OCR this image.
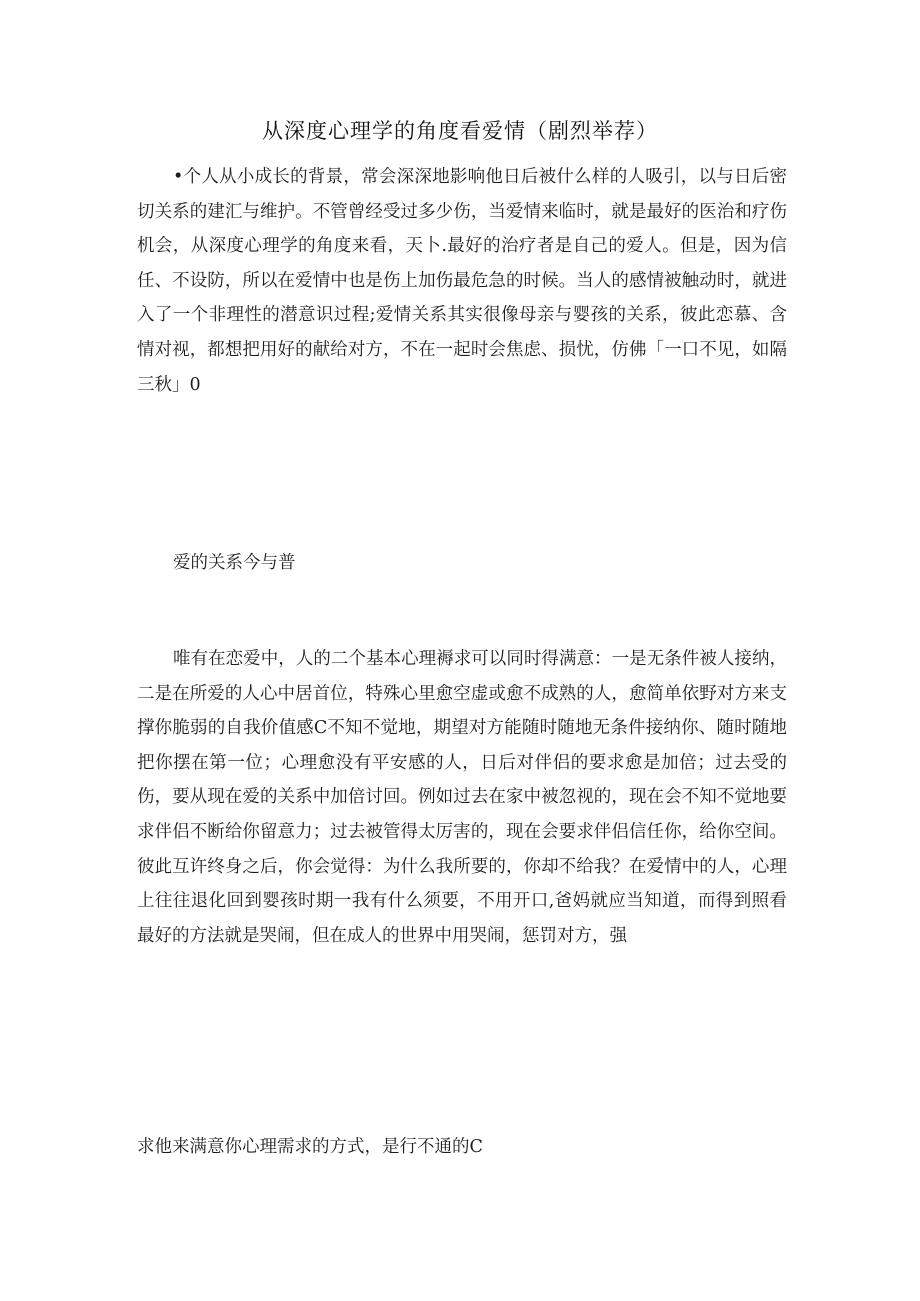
从深度心理学的角度看爱情（剧烈举荐）

•个人从小成长的背景，常会深深地影响他日后被什么样的人吸引，以与日后密切关系的建汇与维护。不管曾经受过多少伤，当爱情来临时，就是最好的医治和疗伤机会，从深度心理学的角度来看，天卜.最好的治疗者是自己的爱人。但是，因为信任、不设防，所以在爱情中也是伤上加伤最危急的时候。当人的感情被触动时，就进入了一个非理性的潜意识过程;爱情关系其实很像母亲与婴孩的关系，彼此恋慕、含情对视，都想把用好的献给对方，不在一起时会焦虑、损忧，仿佛「一口不见，如隔三秋」0

爱的关系今与普

唯有在恋爱中，人的二个基本心理褥求可以同时得满意：一是无条件被人接纳，二是在所爱的人心中居首位，特殊心里愈空虚或愈不成熟的人，愈简单依野对方来支撑你脆弱的自我价值感C不知不觉地，期望对方能随时随地无条件接纳你、随时随地把你摆在第一位；心理愈没有平安感的人，日后对伴侣的要求愈是加倍；过去受的伤，要从现在爱的关系中加倍讨回。例如过去在家中被忽视的，现在会不知不觉地要求伴侣不断给你留意力；过去被管得太厉害的，现在会要求伴侣信任你，给你空间。彼此互许终身之后，你会觉得：为什么我所要的，你却不给我？在爱情中的人，心理上往往退化回到婴孩时期一我有什么须要，不用开口,爸妈就应当知道，而得到照看最好的方法就是哭闹，但在成人的世界中用哭闹，惩罚对方，强

求他来满意你心理需求的方式，是行不通的C
